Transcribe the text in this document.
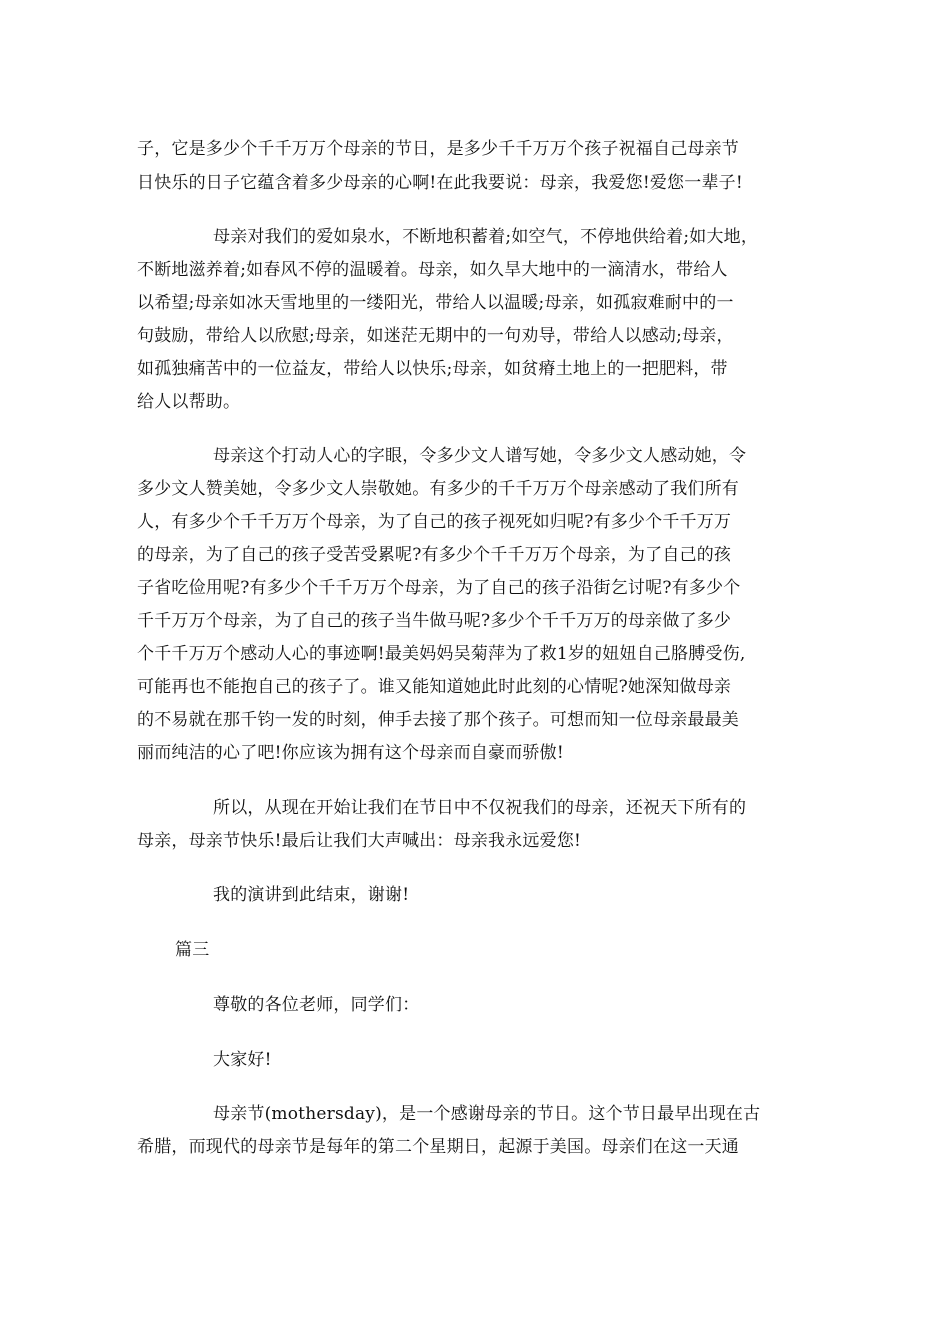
子，它是多少个千千万万个母亲的节日，是多少千千万万个孩子祝福自己母亲节
日快乐的日子它蕴含着多少母亲的心啊!在此我要说：母亲，我爱您!爱您一辈子!
母亲对我们的爱如泉水，不断地积蓄着;如空气，不停地供给着;如大地，
不断地滋养着;如春风不停的温暖着。母亲，如久旱大地中的一滴清水，带给人
以希望;母亲如冰天雪地里的一缕阳光，带给人以温暖;母亲，如孤寂难耐中的一
句鼓励，带给人以欣慰;母亲，如迷茫无期中的一句劝导，带给人以感动;母亲，
如孤独痛苦中的一位益友，带给人以快乐;母亲，如贫瘠土地上的一把肥料，带
给人以帮助。
母亲这个打动人心的字眼，令多少文人谱写她，令多少文人感动她，令
多少文人赞美她，令多少文人崇敬她。有多少的千千万万个母亲感动了我们所有
人，有多少个千千万万个母亲，为了自己的孩子视死如归呢?有多少个千千万万
的母亲，为了自己的孩子受苦受累呢?有多少个千千万万个母亲，为了自己的孩
子省吃俭用呢?有多少个千千万万个母亲，为了自己的孩子沿街乞讨呢?有多少个
千千万万个母亲，为了自己的孩子当牛做马呢?多少个千千万万的母亲做了多少
个千千万万个感动人心的事迹啊!最美妈妈吴菊萍为了救1岁的妞妞自己胳膊受伤,
可能再也不能抱自己的孩子了。谁又能知道她此时此刻的心情呢?她深知做母亲
的不易就在那千钧一发的时刻，伸手去接了那个孩子。可想而知一位母亲最最美
丽而纯洁的心了吧!你应该为拥有这个母亲而自豪而骄傲!
所以，从现在开始让我们在节日中不仅祝我们的母亲，还祝天下所有的
母亲，母亲节快乐!最后让我们大声喊出：母亲我永远爱您!
我的演讲到此结束，谢谢!
篇三
尊敬的各位老师，同学们：
大家好!
母亲节(mothersday)，是一个感谢母亲的节日。这个节日最早出现在古
希腊，而现代的母亲节是每年的第二个星期日，起源于美国。母亲们在这一天通
